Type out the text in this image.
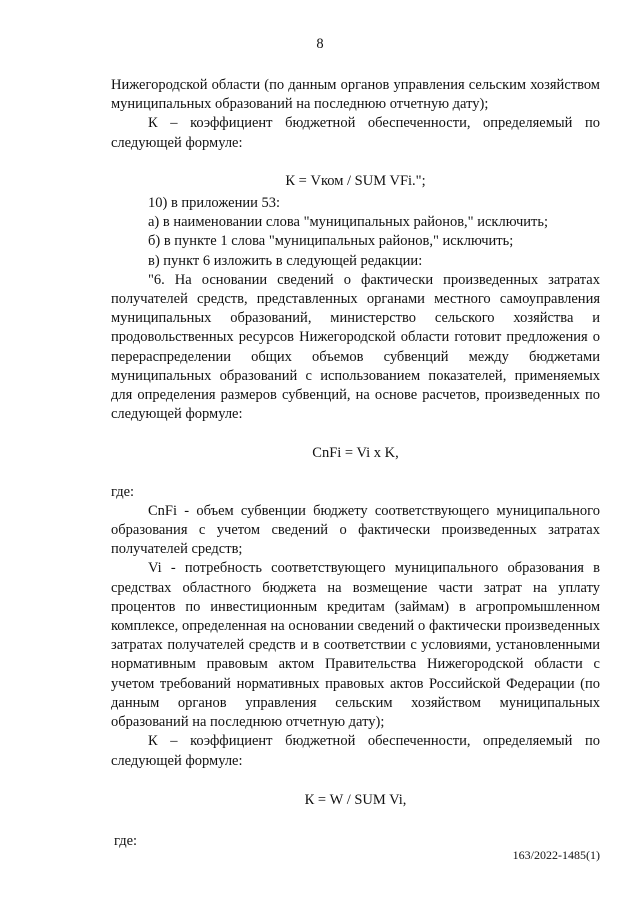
8

Нижегородской области (по данным органов управления сельским хозяйством муниципальных образований на последнюю отчетную дату);

К – коэффициент бюджетной обеспеченности, определяемый по следующей формуле:

К = Vком / SUM VFi.";

10) в приложении 53:

а) в наименовании слова "муниципальных районов," исключить;

б) в пункте 1 слова "муниципальных районов," исключить;

в) пункт 6 изложить в следующей редакции:

"6. На основании сведений о фактически произведенных затратах получателей средств, представленных органами местного самоуправления муниципальных образований, министерство сельского хозяйства и продовольственных ресурсов Нижегородской области готовит предложения о перераспределении общих объемов субвенций между бюджетами муниципальных образований с использованием показателей, применяемых для определения размеров субвенций, на основе расчетов, произведенных по следующей формуле:

CnFi = Vi x K,

где:

CnFi - объем субвенции бюджету соответствующего муниципального образования с учетом сведений о фактически произведенных затратах получателей средств;

Vi - потребность соответствующего муниципального образования в средствах областного бюджета на возмещение части затрат на уплату процентов по инвестиционным кредитам (займам) в агропромышленном комплексе, определенная на основании сведений о фактически произведенных затратах получателей средств и в соответствии с условиями, установленными нормативным правовым актом Правительства Нижегородской области с учетом требований нормативных правовых актов Российской Федерации (по данным органов управления сельским хозяйством муниципальных образований на последнюю отчетную дату);

К – коэффициент бюджетной обеспеченности, определяемый по следующей формуле:

К = W / SUM Vi,

где:

163/2022-1485(1)
